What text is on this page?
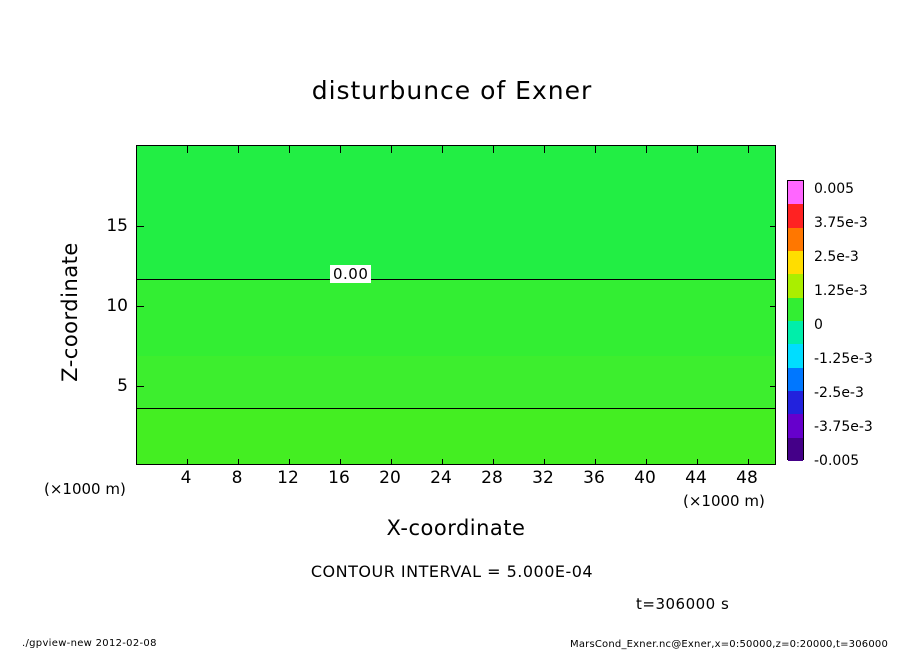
disturbunce of Exner
0.00
4	8	12	16	20	24	28	32	36	40	44	48
5
10
15
Z-coordinate
X-coordinate
(×1000 m)
(×1000 m)
CONTOUR INTERVAL = 5.000E-04
t=306000 s
./gpview-new 2012-02-08	MarsCond_Exner.nc@Exner,x=0:50000,z=0:20000,t=306000
0.005
3.75e-3
2.5e-3
1.25e-3
0
-1.25e-3
-2.5e-3
-3.75e-3
-0.005
